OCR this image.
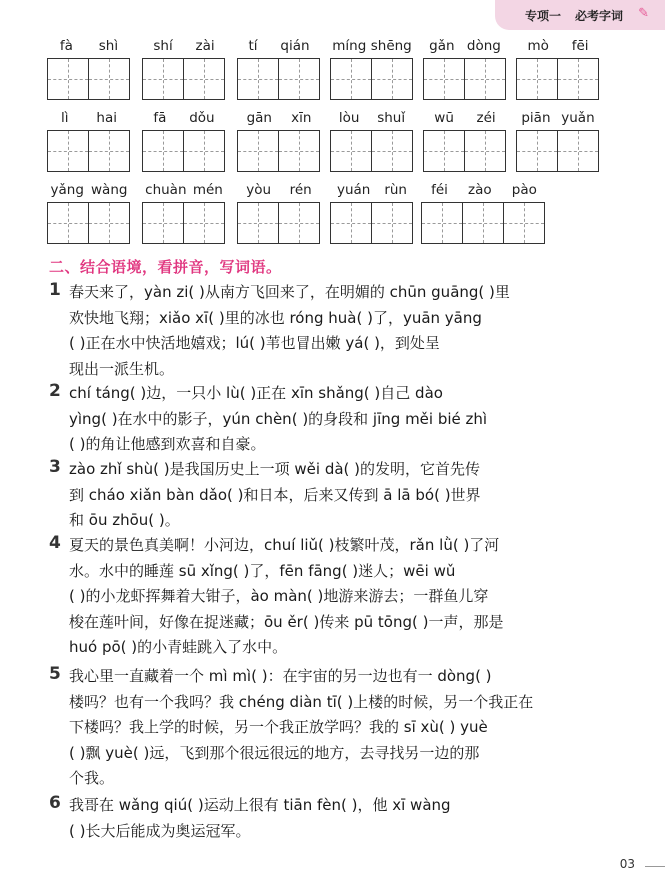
专项一 必考字词 ✎
fà shì	shí zài	tí qián míng shēng gǎn dòng mò fēi
lì hai	fā dǒu gān xīn lòu shuǐ wū zéi piān yuǎn
yǎng wàng chuàn mén yòu rén yuán rùn féi zào pào
二、结合语境，看拼音，写词语。
1 春天来了，yàn zi( )从南方飞回来了，在明媚的 chūn guāng( )里
欢快地飞翔；xiǎo xī( )里的冰也 róng huà( )了，yuān yāng
( )正在水中快活地嬉戏；lú( )苇也冒出嫩 yá( )，到处呈
现出一派生机。
2 chí táng( )边，一只小 lù( )正在 xīn shǎng( )自己 dào
yìng( )在水中的影子，yún chèn( )的身段和 jīng měi bié zhì
( )的角让他感到欢喜和自豪。
3 zào zhǐ shù( )是我国历史上一项 wěi dà( )的发明，它首先传
到 cháo xiǎn bàn dǎo( )和日本，后来又传到 ā lā bó( )世界
和 ōu zhōu( )。
4 夏天的景色真美啊！小河边，chuí liǔ( )枝繁叶茂，rǎn lǜ( )了河
水。水中的睡莲 sū xǐng( )了，fēn fāng( )迷人；wēi wǔ
( )的小龙虾挥舞着大钳子，ào màn( )地游来游去；一群鱼儿穿
梭在莲叶间，好像在捉迷藏；ōu ěr( )传来 pū tōng( )一声，那是
huó pō( )的小青蛙跳入了水中。
5 我心里一直藏着一个 mì mì( )：在宇宙的另一边也有一 dòng( )
楼吗？也有一个我吗？我 chéng diàn tī( )上楼的时候，另一个我正在
下楼吗？我上学的时候，另一个我正放学吗？我的 sī xù( ) yuè
( )飘 yuè( )远，飞到那个很远很远的地方，去寻找另一边的那
个我。
6 我哥在 wǎng qiú( )运动上很有 tiān fèn( )，他 xī wàng
( )长大后能成为奥运冠军。
03
